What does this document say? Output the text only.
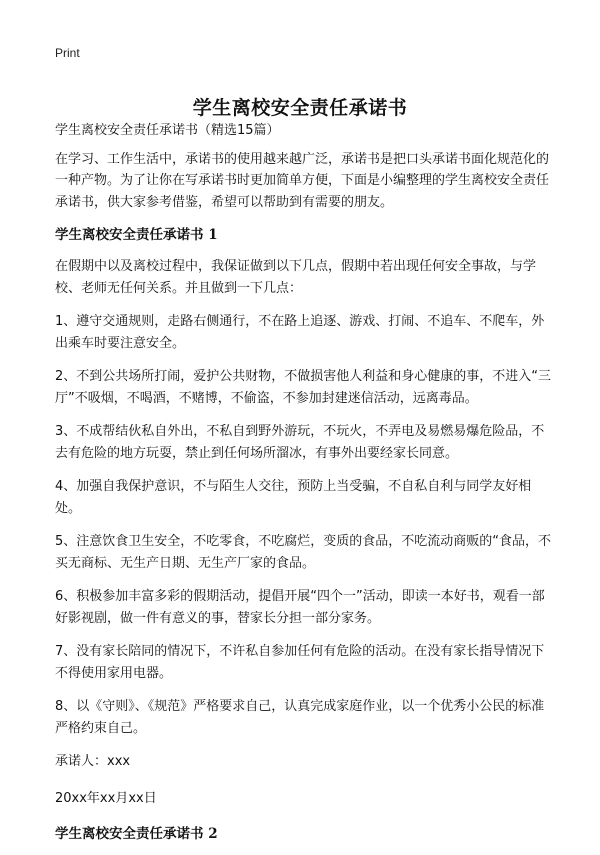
Print
学生离校安全责任承诺书

学生离校安全责任承诺书（精选15篇）

在学习、工作生活中，承诺书的使用越来越广泛，承诺书是把口头承诺书面化规范化的一种产物。为了让你在写承诺书时更加简单方便，下面是小编整理的学生离校安全责任承诺书，供大家参考借鉴，希望可以帮助到有需要的朋友。

学生离校安全责任承诺书 1

在假期中以及离校过程中，我保证做到以下几点，假期中若出现任何安全事故，与学校、老师无任何关系。并且做到一下几点：

1、遵守交通规则，走路右侧通行，不在路上追逐、游戏、打闹、不追车、不爬车，外出乘车时要注意安全。

2、不到公共场所打闹，爱护公共财物，不做损害他人利益和身心健康的事，不进入“三厅”不吸烟，不喝酒，不赌博，不偷盗，不参加封建迷信活动，远离毒品。

3、不成帮结伙私自外出，不私自到野外游玩，不玩火，不弄电及易燃易爆危险品，不去有危险的地方玩耍，禁止到任何场所溜冰，有事外出要经家长同意。

4、加强自我保护意识，不与陌生人交往，预防上当受骗，不自私自利与同学友好相处。

5、注意饮食卫生安全，不吃零食，不吃腐烂，变质的食品，不吃流动商贩的“食品，不买无商标、无生产日期、无生产厂家的食品。

6、积极参加丰富多彩的假期活动，提倡开展“四个一”活动，即读一本好书，观看一部好影视剧，做一件有意义的事，替家长分担一部分家务。

7、没有家长陪同的情况下，不许私自参加任何有危险的活动。在没有家长指导情况下不得使用家用电器。

8、以《守则》、《规范》严格要求自己，认真完成家庭作业，以一个优秀小公民的标准严格约束自己。

承诺人：xxx

20xx年xx月xx日

学生离校安全责任承诺书 2
